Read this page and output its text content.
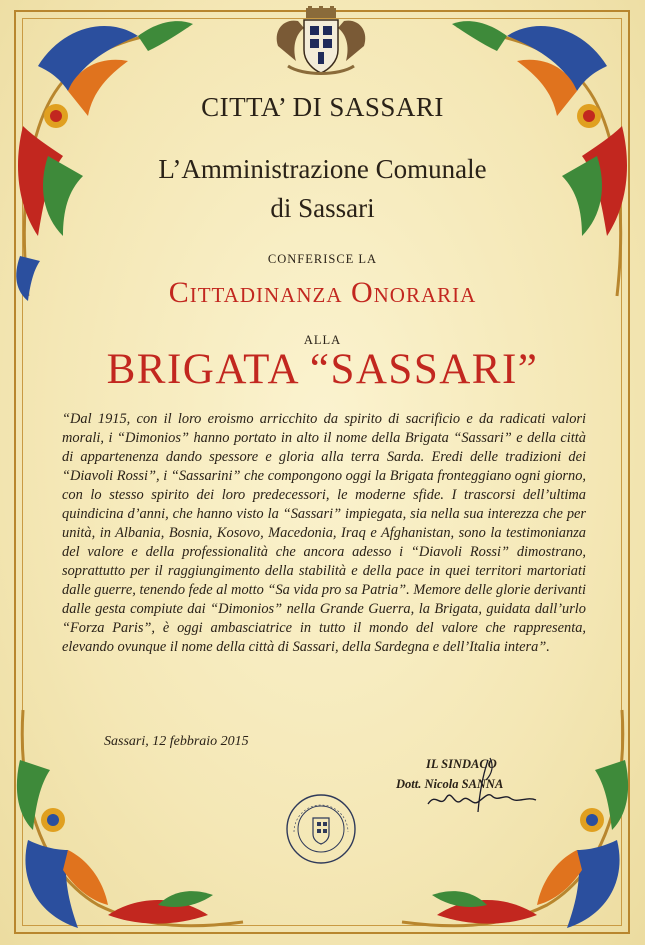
CITTA’ DI SASSARI
L’Amministrazione Comunale
di Sassari
CONFERISCE LA
Cittadinanza Onoraria
ALLA
BRIGATA “SASSARI”

“Dal 1915, con il loro eroismo arricchito da spirito di sacrificio e da radicati valori morali, i “Dimonios” hanno portato in alto il nome della Brigata “Sassari” e della città di appartenenza dando spessore e gloria alla terra Sarda. Eredi delle tradizioni dei “Diavoli Rossi”, i “Sassarini” che compongono oggi la Brigata fronteggiano ogni giorno, con lo stesso spirito dei loro predecessori, le moderne sfide. I trascorsi dell’ultima quindicina d’anni, che hanno visto la “Sassari” impiegata, sia nella sua interezza che per unità, in Albania, Bosnia, Kosovo, Macedonia, Iraq e Afghanistan, sono la testimonianza del valore e della professionalità che ancora adesso i “Diavoli Rossi” dimostrano, soprattutto per il raggiungimento della stabilità e della pace in quei territori martoriati dalle guerre, tenendo fede al motto “Sa vida pro sa Patria”. Memore delle glorie derivanti dalle gesta compiute dai “Dimonios” nella Grande Guerra, la Brigata, guidata dall’urlo “Forza Paris”, è oggi ambasciatrice in tutto il mondo del valore che rappresenta, elevando ovunque il nome della città di Sassari, della Sardegna e dell’Italia intera”.

Sassari, 12 febbraio 2015
IL SINDACO
Dott. Nicola SANNA
